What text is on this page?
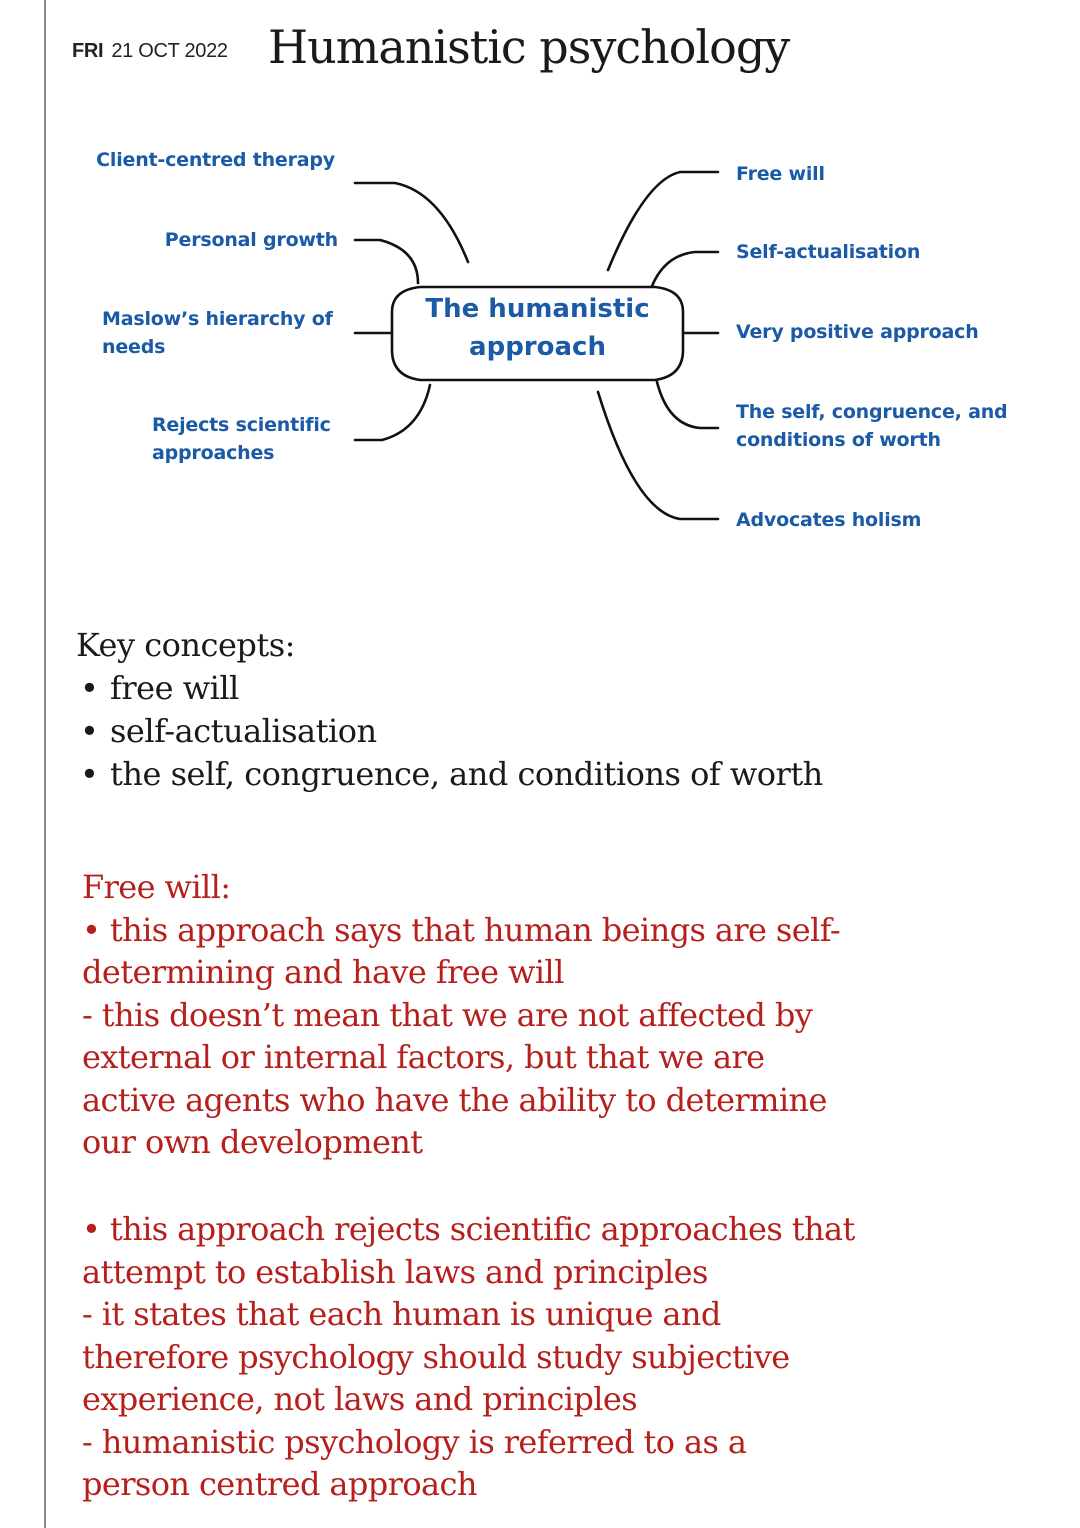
FRI 21 OCT 2022 Humanistic psychology
Client-centred therapy
Personal growth
Maslow’s hierarchy of
needs
Rejects scientific
approaches
The humanistic
approach
Free will
Self-actualisation
Very positive approach
The self, congruence, and
conditions of worth
Advocates holism
Key concepts:
• free will
• self-actualisation
• the self, congruence, and conditions of worth

Free will:

• this approach says that human beings are self-

determining and have free will

- this doesn’t mean that we are not affected by

external or internal factors, but that we are

active agents who have the ability to determine

our own development

• this approach rejects scientific approaches that

attempt to establish laws and principles

- it states that each human is unique and

therefore psychology should study subjective

experience, not laws and principles

- humanistic psychology is referred to as a

person centred approach
